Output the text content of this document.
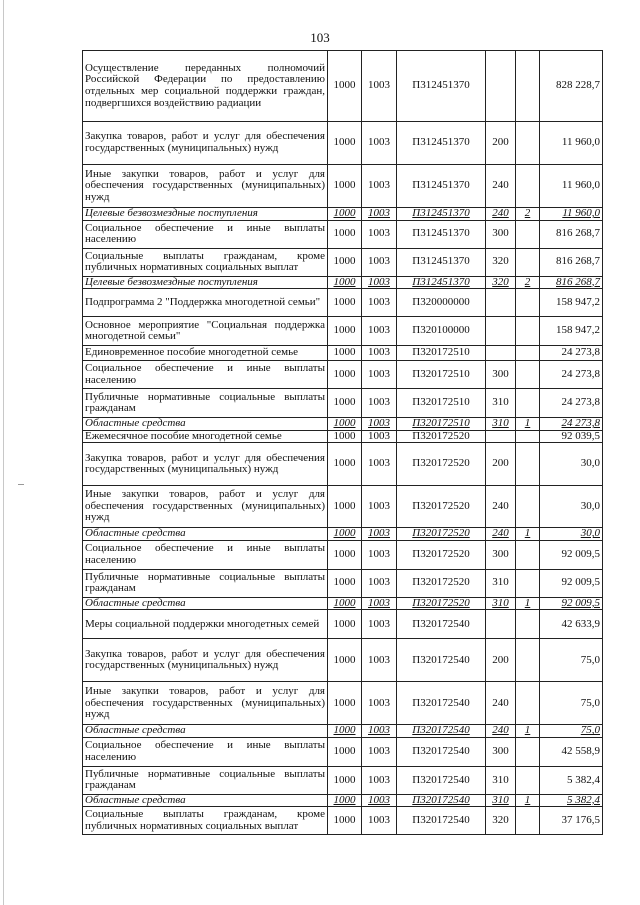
103
Осуществление переданных полномочий Российской Федерации по предоставлению отдельных мер социальной поддержки граждан, подвергшихся воздействию радиации	1000	1003	П312451370			828 228,7
Закупка товаров, работ и услуг для обеспечения государственных (муниципальных) нужд	1000	1003	П312451370	200		11 960,0
Иные закупки товаров, работ и услуг для обеспечения государственных (муниципальных) нужд	1000	1003	П312451370	240		11 960,0
Целевые безвозмездные поступления	1000	1003	П312451370	240	2	11 960,0
Социальное обеспечение и иные выплаты населению	1000	1003	П312451370	300		816 268,7
Социальные выплаты гражданам, кроме публичных нормативных социальных выплат	1000	1003	П312451370	320		816 268,7
Целевые безвозмездные поступления	1000	1003	П312451370	320	2	816 268,7
Подпрограмма 2 "Поддержка многодетной семьи"	1000	1003	П320000000			158 947,2
Основное мероприятие "Социальная поддержка многодетной семьи"	1000	1003	П320100000			158 947,2
Единовременное пособие многодетной семье	1000	1003	П320172510			24 273,8
Социальное обеспечение и иные выплаты населению	1000	1003	П320172510	300		24 273,8
Публичные нормативные социальные выплаты гражданам	1000	1003	П320172510	310		24 273,8
Областные средства	1000	1003	П320172510	310	1	24 273,8
Ежемесячное пособие многодетной семье	1000	1003	П320172520			92 039,5
Закупка товаров, работ и услуг для обеспечения государственных (муниципальных) нужд	1000	1003	П320172520	200		30,0
Иные закупки товаров, работ и услуг для обеспечения государственных (муниципальных) нужд	1000	1003	П320172520	240		30,0
Областные средства	1000	1003	П320172520	240	1	30,0
Социальное обеспечение и иные выплаты населению	1000	1003	П320172520	300		92 009,5
Публичные нормативные социальные выплаты гражданам	1000	1003	П320172520	310		92 009,5
Областные средства	1000	1003	П320172520	310	1	92 009,5
Меры социальной поддержки многодетных семей	1000	1003	П320172540			42 633,9
Закупка товаров, работ и услуг для обеспечения государственных (муниципальных) нужд	1000	1003	П320172540	200		75,0
Иные закупки товаров, работ и услуг для обеспечения государственных (муниципальных) нужд	1000	1003	П320172540	240		75,0
Областные средства	1000	1003	П320172540	240	1	75,0
Социальное обеспечение и иные выплаты населению	1000	1003	П320172540	300		42 558,9
Публичные нормативные социальные выплаты гражданам	1000	1003	П320172540	310		5 382,4
Областные средства	1000	1003	П320172540	310	1	5 382,4
Социальные выплаты гражданам, кроме публичных нормативных социальных выплат	1000	1003	П320172540	320		37 176,5
